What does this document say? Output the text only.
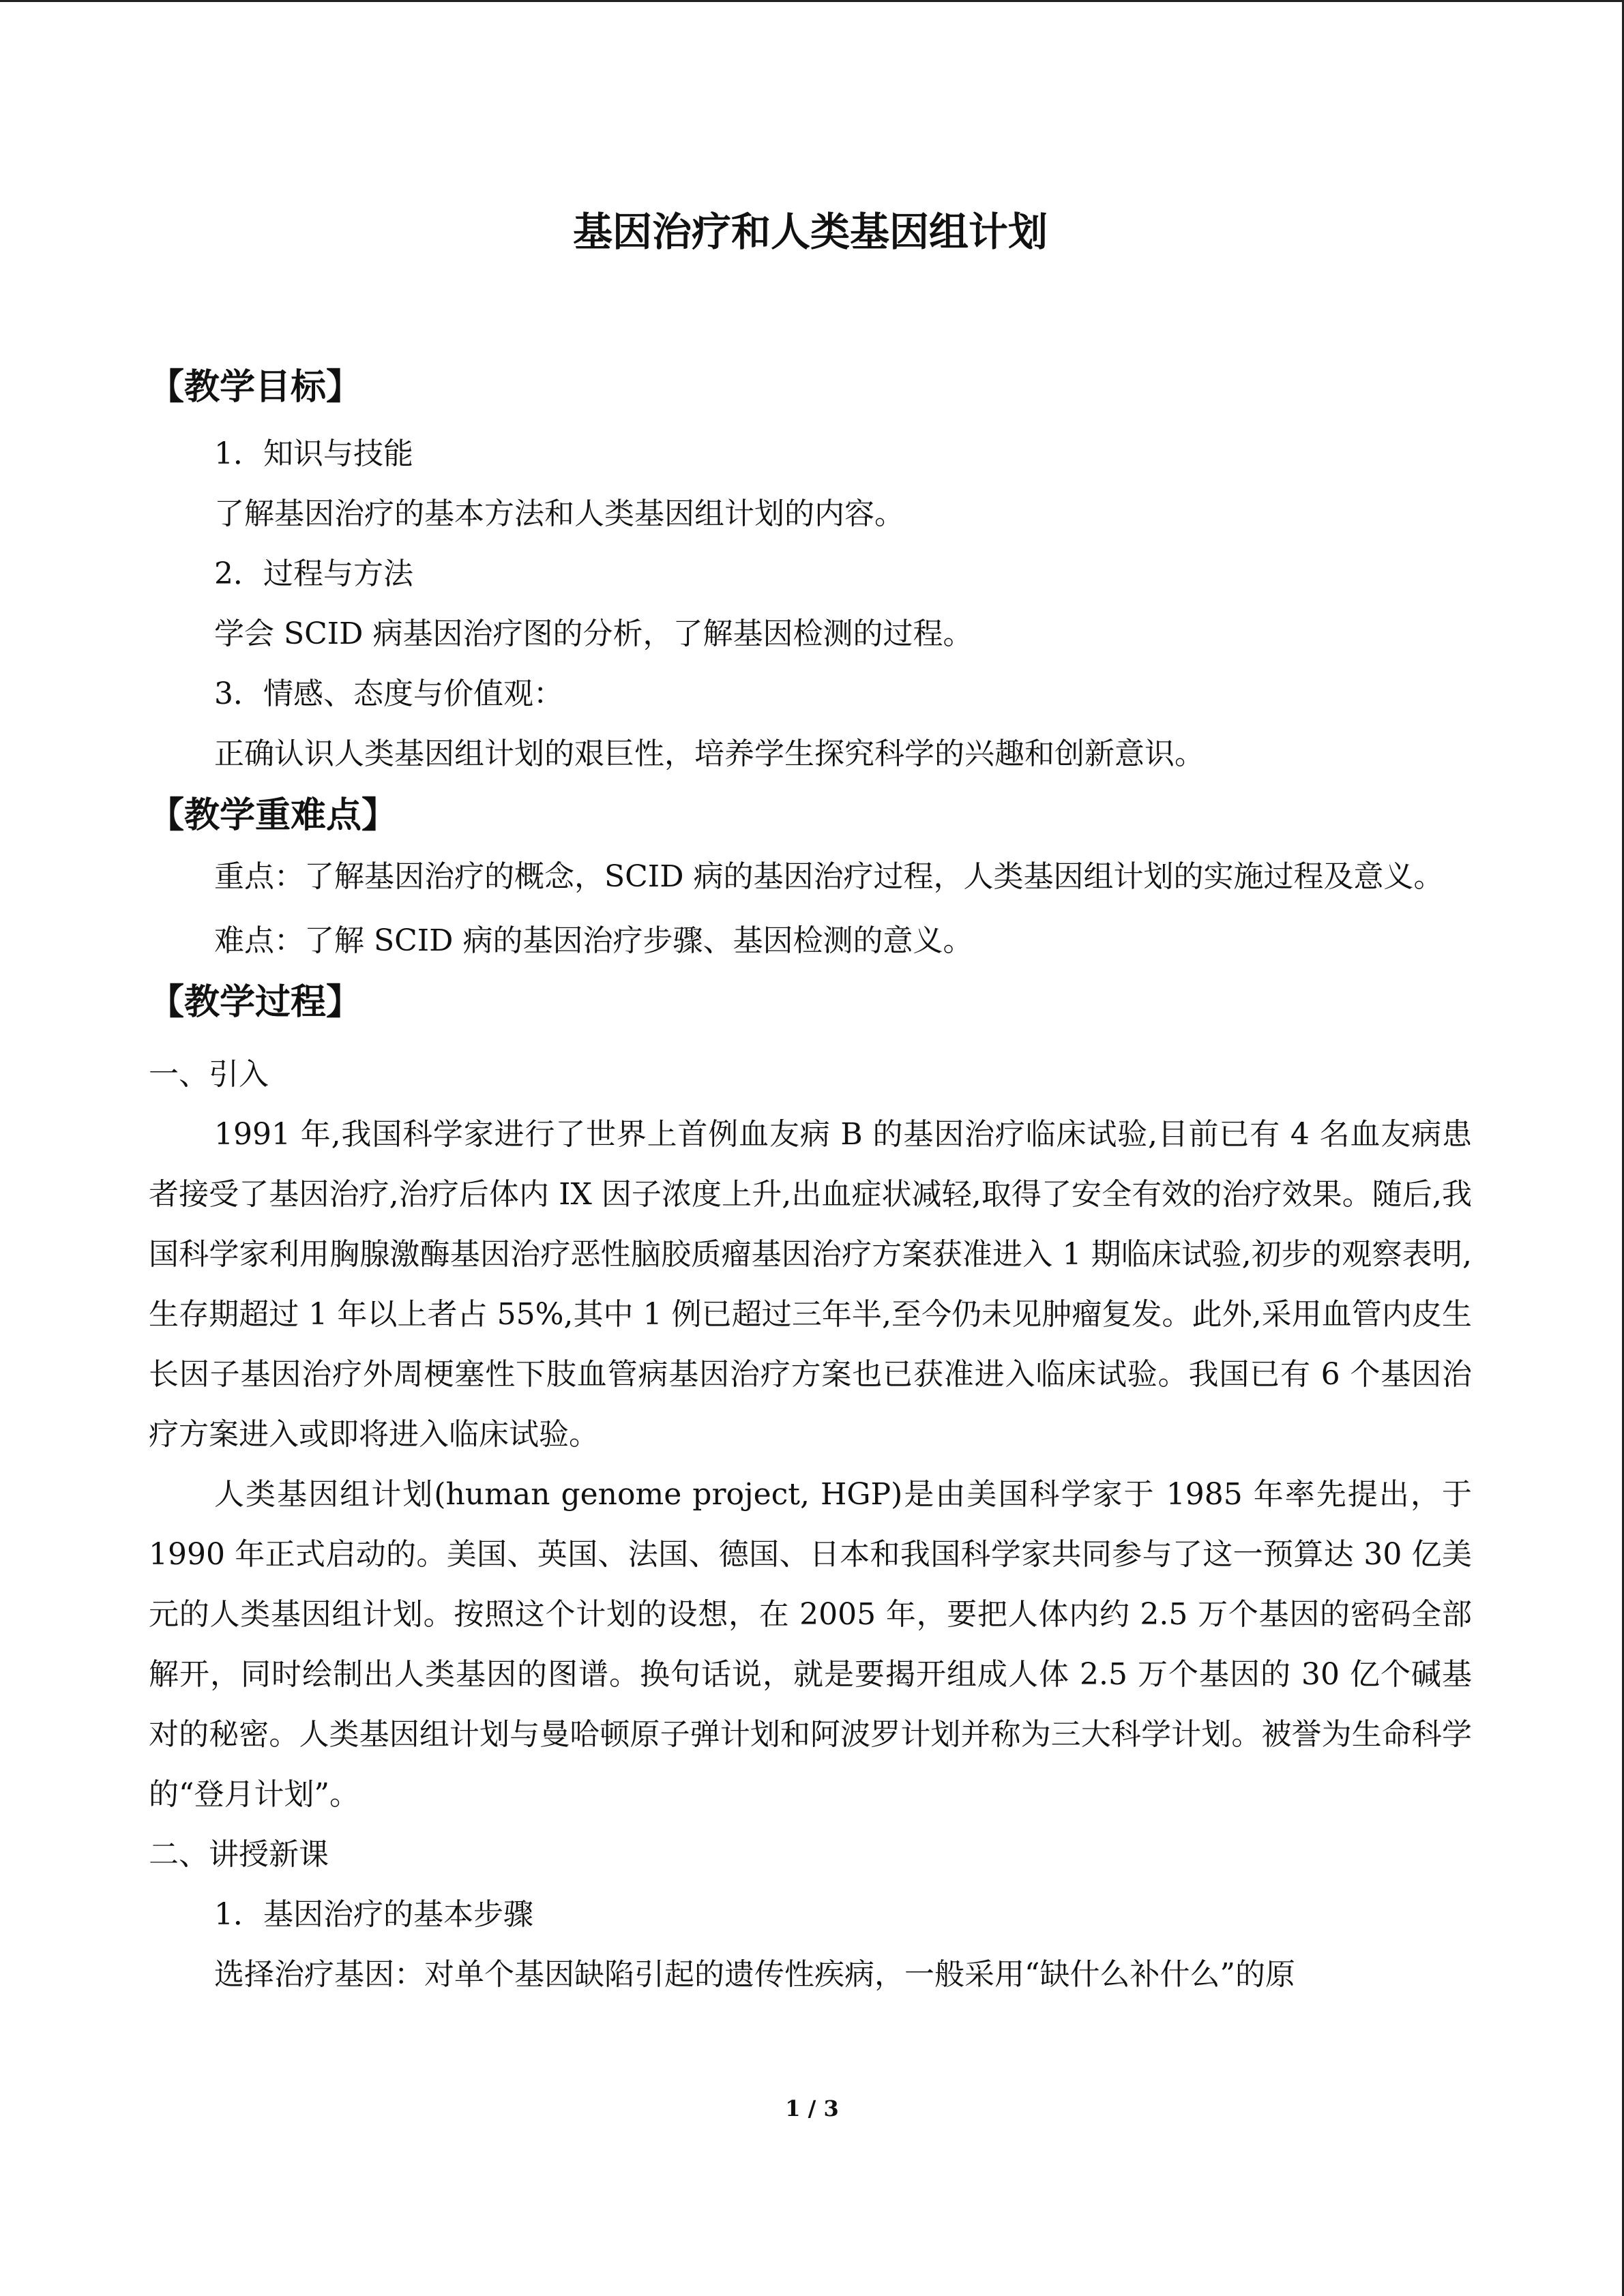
基因治疗和人类基因组计划
【教学目标】

1．知识与技能

了解基因治疗的基本方法和人类基因组计划的内容。

2．过程与方法

学会 SCID 病基因治疗图的分析，了解基因检测的过程。

3．情感、态度与价值观：

正确认识人类基因组计划的艰巨性，培养学生探究科学的兴趣和创新意识。

【教学重难点】

重点：了解基因治疗的概念，SCID 病的基因治疗过程，人类基因组计划的实施过程及意义。

难点：了解 SCID 病的基因治疗步骤、基因检测的意义。

【教学过程】

一、引入

1991 年,我国科学家进行了世界上首例血友病 B 的基因治疗临床试验,目前已有 4 名血友病患者接受了基因治疗,治疗后体内 IX 因子浓度上升,出血症状减轻,取得了安全有效的治疗效果。随后,我国科学家利用胸腺激酶基因治疗恶性脑胶质瘤基因治疗方案获准进入 1 期临床试验,初步的观察表明,生存期超过 1 年以上者占 55%,其中 1 例已超过三年半,至今仍未见肿瘤复发。此外,采用血管内皮生长因子基因治疗外周梗塞性下肢血管病基因治疗方案也已获准进入临床试验。我国已有 6 个基因治疗方案进入或即将进入临床试验。

人类基因组计划(human genome project, HGP)是由美国科学家于 1985 年率先提出，于 1990 年正式启动的。美国、英国、法国、德国、日本和我国科学家共同参与了这一预算达 30 亿美元的人类基因组计划。按照这个计划的设想，在 2005 年，要把人体内约 2.5 万个基因的密码全部解开，同时绘制出人类基因的图谱。换句话说，就是要揭开组成人体 2.5 万个基因的 30 亿个碱基对的秘密。人类基因组计划与曼哈顿原子弹计划和阿波罗计划并称为三大科学计划。被誉为生命科学的“登月计划”。

二、讲授新课

1．基因治疗的基本步骤

选择治疗基因：对单个基因缺陷引起的遗传性疾病，一般采用“缺什么补什么”的原

1 / 3
